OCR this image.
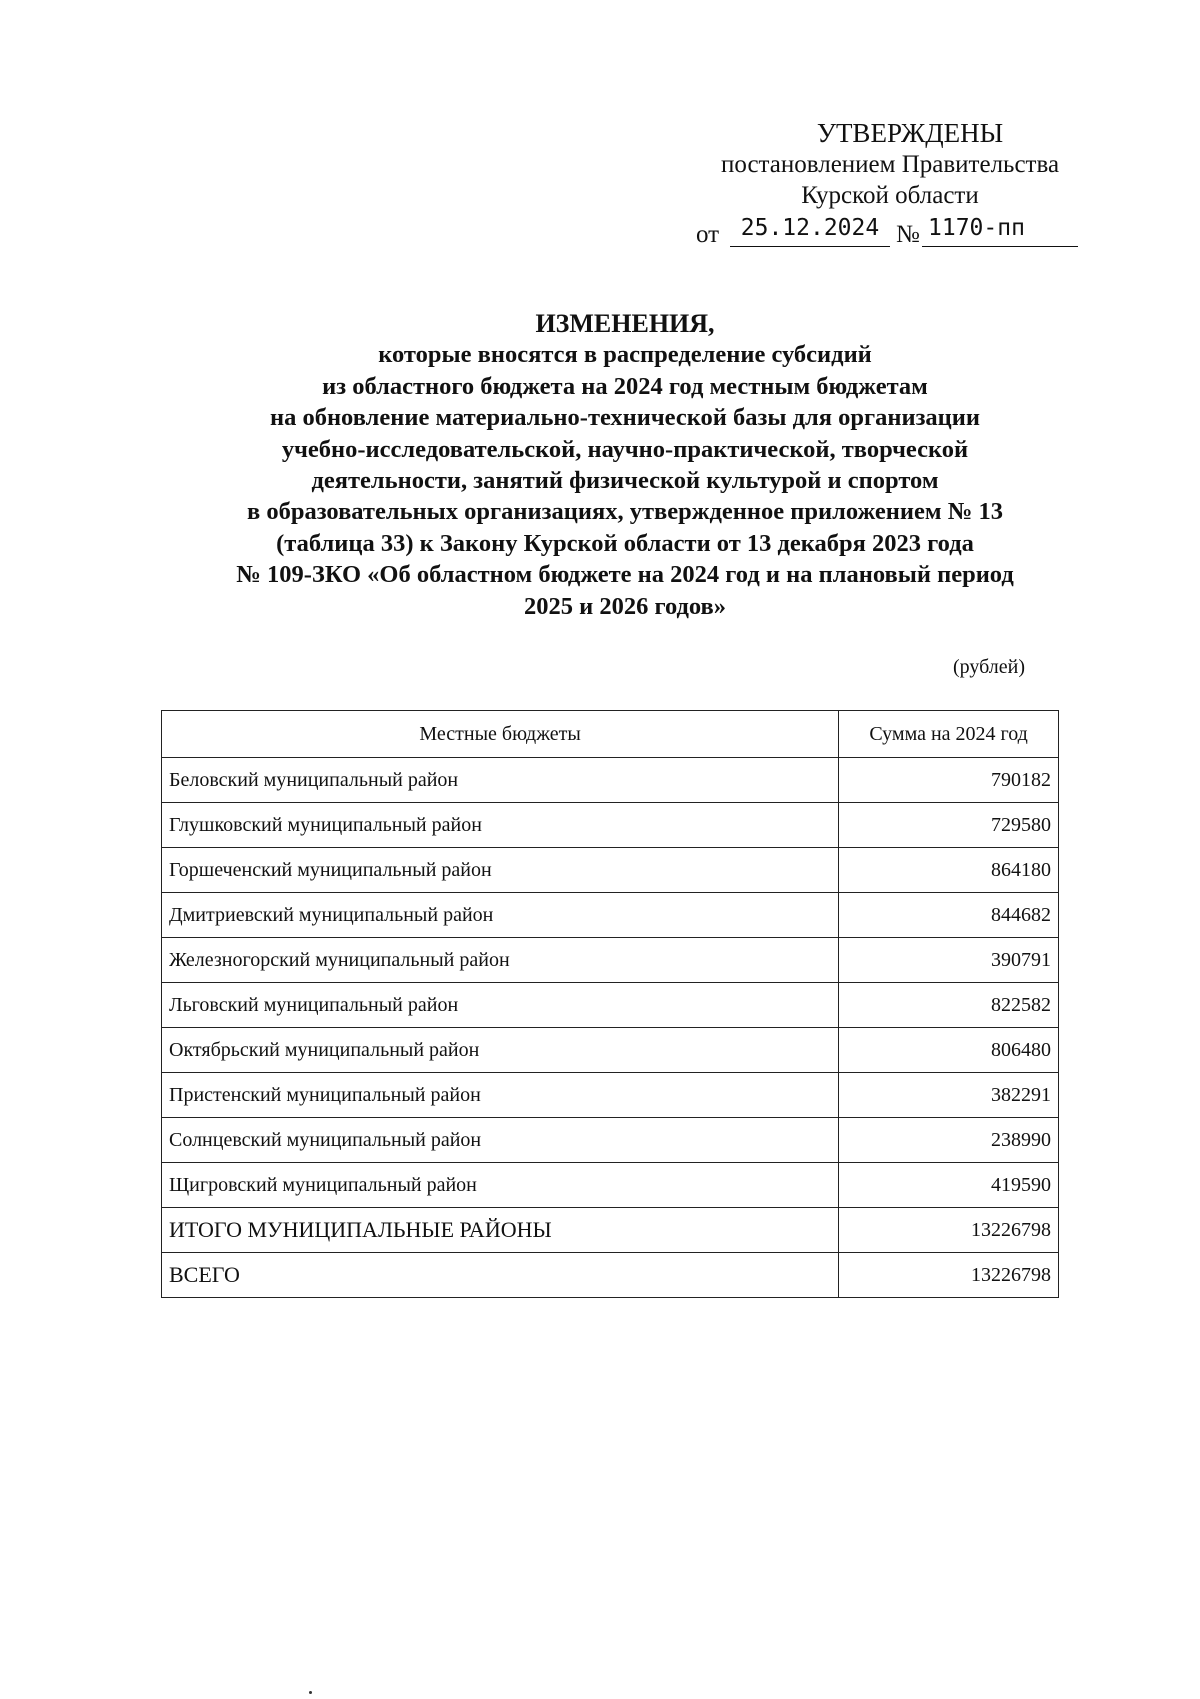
УТВЕРЖДЕНЫ
постановлением Правительства
Курской области
от 25.12.2024 № 1170-пп
ИЗМЕНЕНИЯ,
которые вносятся в распределение субсидий
из областного бюджета на 2024 год местным бюджетам
на обновление материально-технической базы для организации
учебно-исследовательской, научно-практической, творческой
деятельности, занятий физической культурой и спортом
в образовательных организациях, утвержденное приложением № 13
(таблица 33) к Закону Курской области от 13 декабря 2023 года
№ 109-ЗКО «Об областном бюджете на 2024 год и на плановый период
2025 и 2026 годов»
(рублей)
Местные бюджеты	Сумма на 2024 год
Беловский муниципальный район	790182
Глушковский муниципальный район	729580
Горшеченский муниципальный район	864180
Дмитриевский муниципальный район	844682
Железногорский муниципальный район	390791
Льговский муниципальный район	822582
Октябрьский муниципальный район	806480
Пристенский муниципальный район	382291
Солнцевский муниципальный район	238990
Щигровский муниципальный район	419590
ИТОГО МУНИЦИПАЛЬНЫЕ РАЙОНЫ	13226798
ВСЕГО	13226798
